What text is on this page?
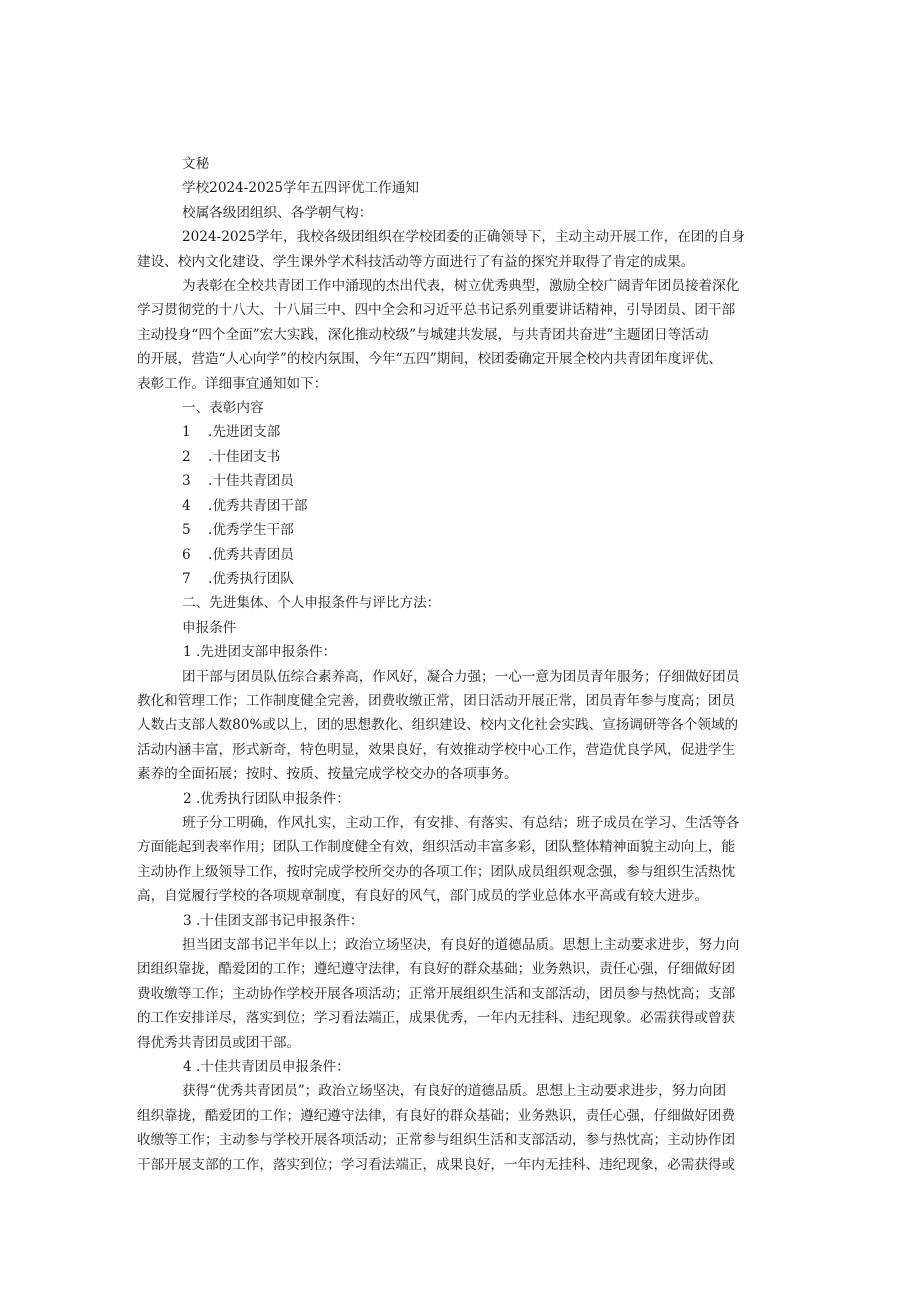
文秘
学校2024-2025学年五四评优工作通知
校属各级团组织、各学朝气构：
2024-2025学年，我校各级团组织在学校团委的正确领导下，主动主动开展工作，在团的自身
建设、校内文化建设、学生课外学术科技活动等方面进行了有益的探究并取得了肯定的成果。
为表彰在全校共青团工作中涌现的杰出代表，树立优秀典型，激励全校广阔青年团员接着深化
学习贯彻党的十八大、十八届三中、四中全会和习近平总书记系列重要讲话精神，引导团员、团干部
主动投身“四个全面”宏大实践，深化推动校级”与城建共发展，与共青团共奋进”主题团日等活动
的开展，营造“人心向学”的校内氛围，今年“五四”期间，校团委确定开展全校内共青团年度评优、
表彰工作。详细事宜通知如下：
一、表彰内容
1 .先进团支部
2 .十佳团支书
3 .十佳共青团员
4 .优秀共青团干部
5 .优秀学生干部
6 .优秀共青团员
7 .优秀执行团队
二、先进集体、个人申报条件与评比方法：
申报条件
1 .先进团支部申报条件：
团干部与团员队伍综合素养高，作风好，凝合力强；一心一意为团员青年服务；仔细做好团员
教化和管理工作；工作制度健全完善，团费收缴正常，团日活动开展正常，团员青年参与度高；团员
人数占支部人数80%或以上，团的思想教化、组织建设、校内文化社会实践、宣扬调研等各个领域的
活动内涵丰富，形式新奇，特色明显，效果良好，有效推动学校中心工作，营造优良学风，促进学生
素养的全面拓展；按时、按质、按量完成学校交办的各项事务。
2 .优秀执行团队申报条件：
班子分工明确，作风扎实，主动工作，有安排、有落实、有总结；班子成员在学习、生活等各
方面能起到表率作用；团队工作制度健全有效，组织活动丰富多彩，团队整体精神面貌主动向上，能
主动协作上级领导工作，按时完成学校所交办的各项工作；团队成员组织观念强，参与组织生活热忱
高，自觉履行学校的各项规章制度，有良好的风气，部门成员的学业总体水平高或有较大进步。
3 .十佳团支部书记申报条件：
担当团支部书记半年以上；政治立场坚决，有良好的道德品质。思想上主动要求进步，努力向
团组织靠拢，酷爱团的工作；遵纪遵守法律，有良好的群众基础；业务熟识，责任心强，仔细做好团
费收缴等工作；主动协作学校开展各项活动；正常开展组织生活和支部活动，团员参与热忱高；支部
的工作安排详尽，落实到位；学习看法端正，成果优秀，一年内无挂科、违纪现象。必需获得或曾获
得优秀共青团员或团干部。
4 .十佳共青团员申报条件：
获得“优秀共青团员”；政治立场坚决，有良好的道德品质。思想上主动要求进步，努力向团
组织靠拢，酷爱团的工作；遵纪遵守法律，有良好的群众基础；业务熟识，责任心强，仔细做好团费
收缴等工作；主动参与学校开展各项活动；正常参与组织生活和支部活动，参与热忱高；主动协作团
干部开展支部的工作，落实到位；学习看法端正，成果良好，一年内无挂科、违纪现象，必需获得或
